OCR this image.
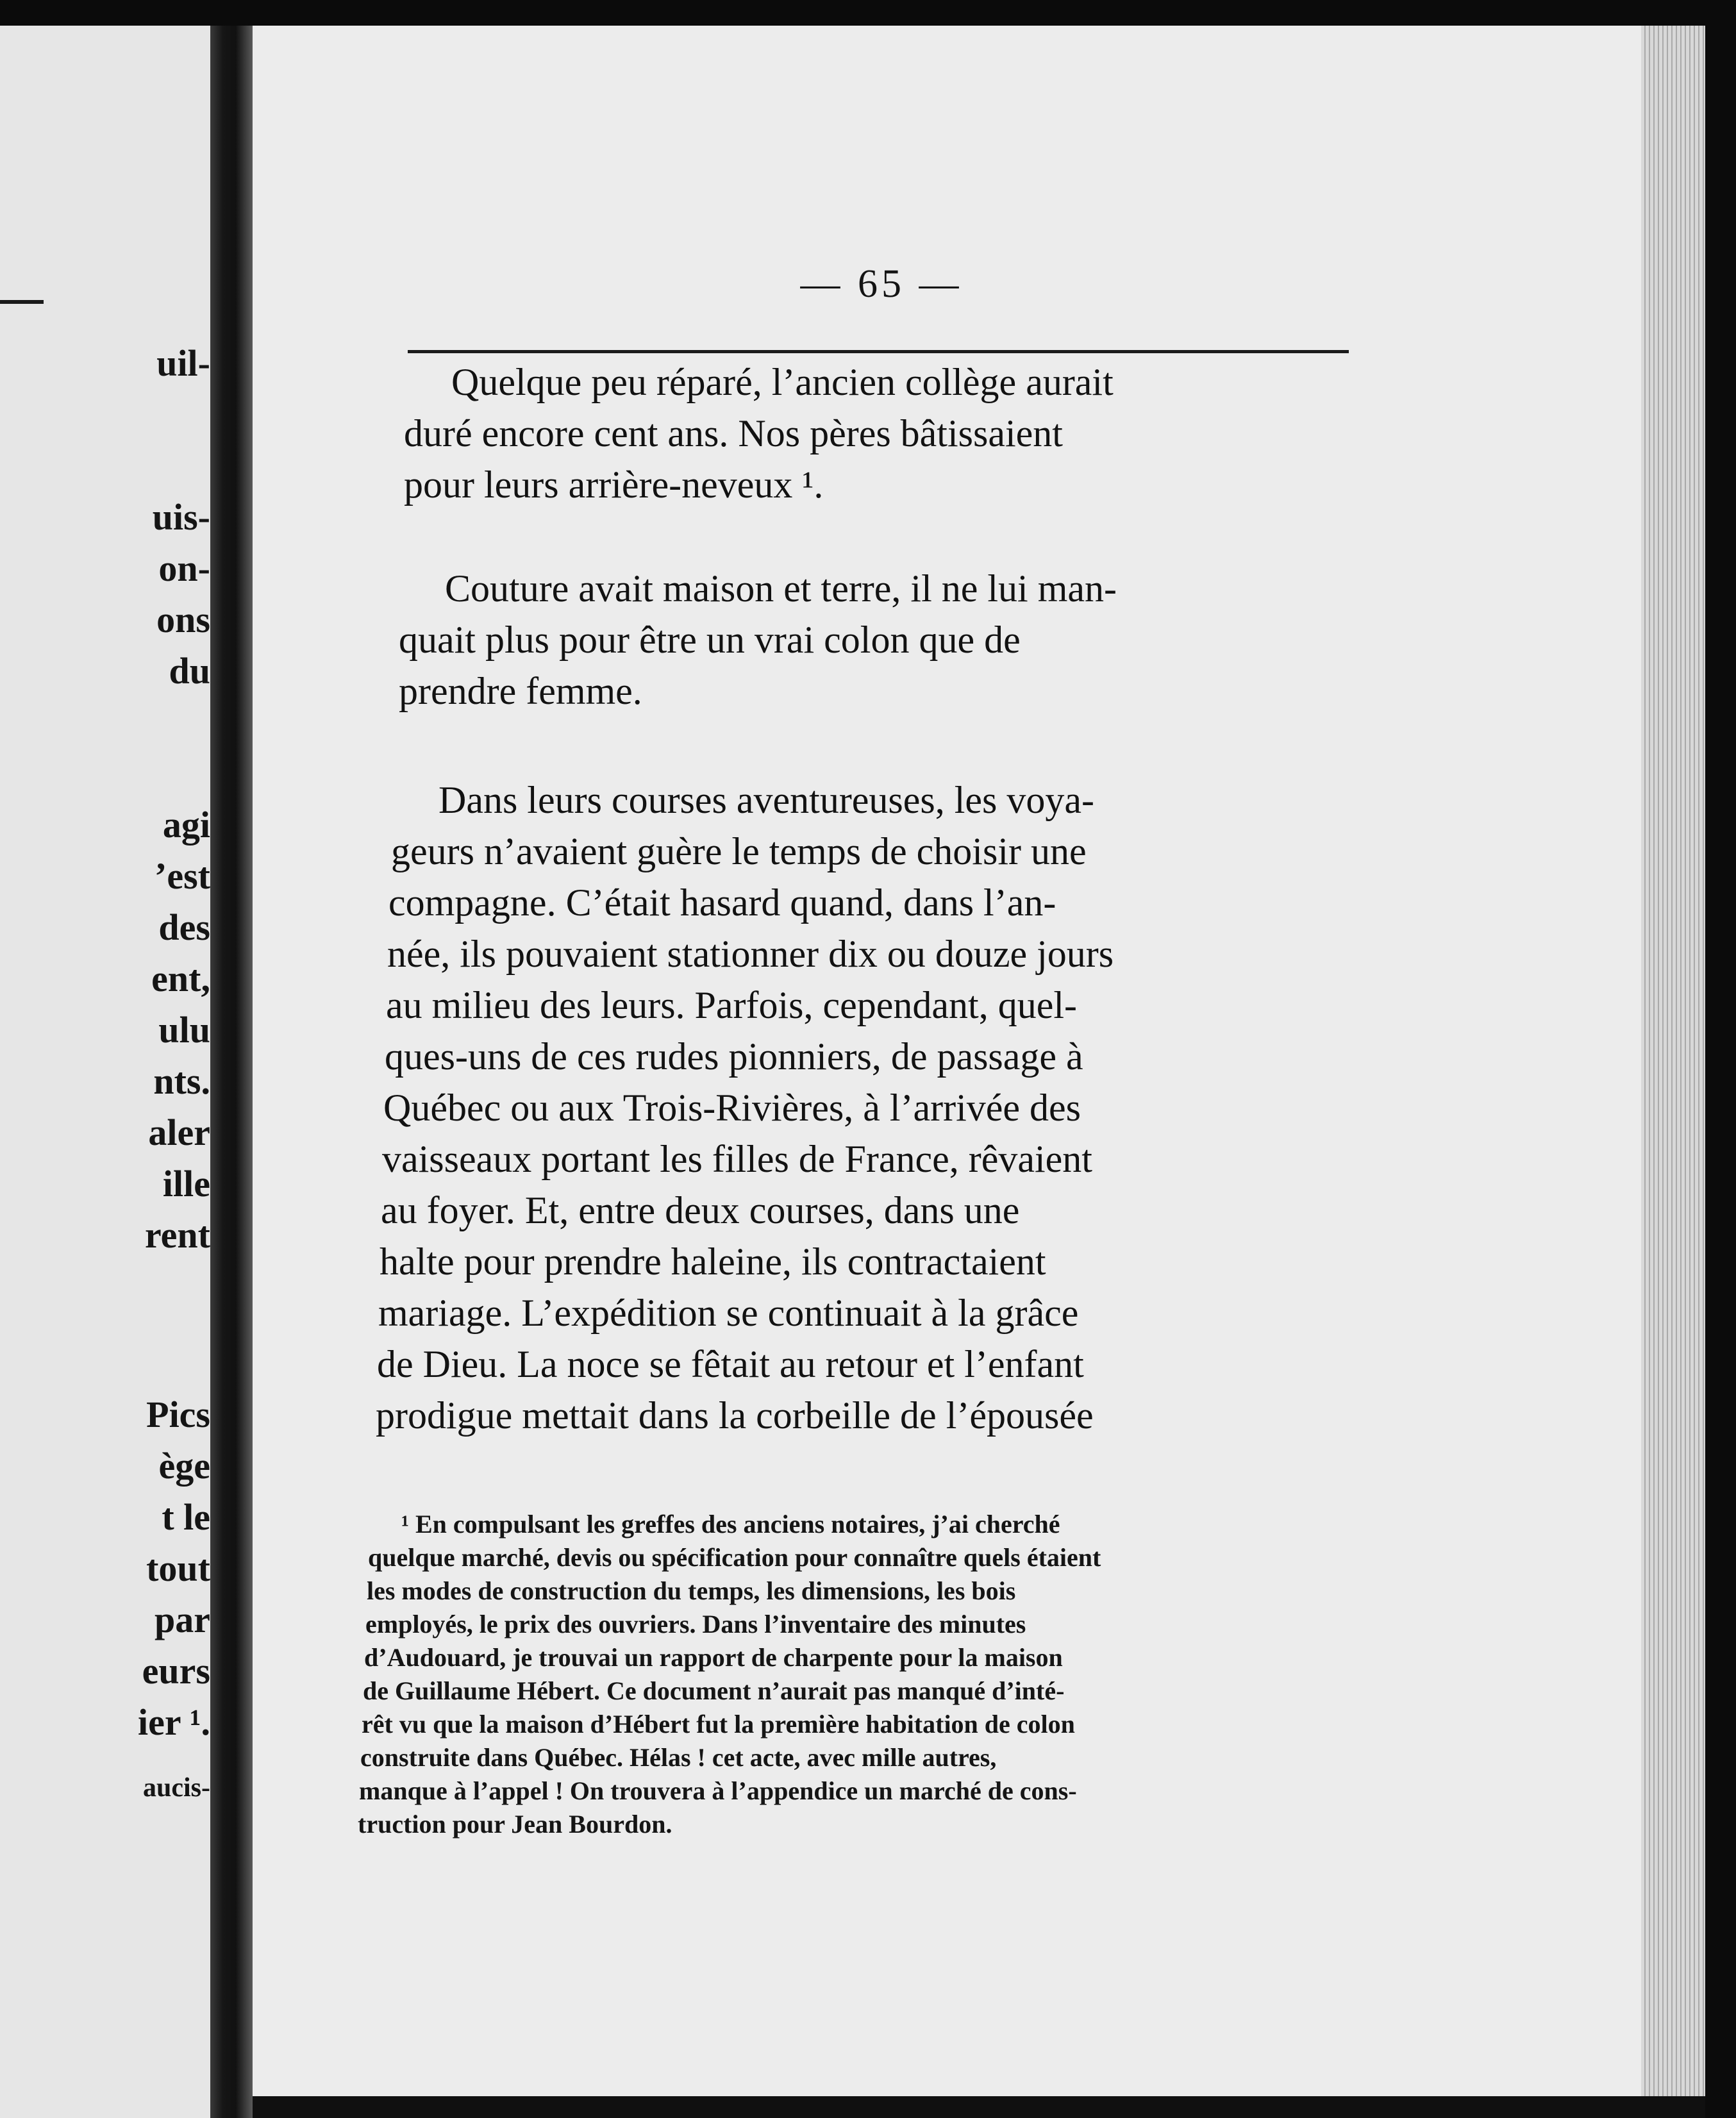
uil-

uis-

on-

ons

du

agi

’est

des

ent,

ulu

nts.

aler

ille

rent

Pics

ège

t le

tout

par

eurs

ier ¹.

aucis-

— 65 —

Quelque peu réparé, l’ancien collège aurait

duré encore cent ans. Nos pères bâtissaient

pour leurs arrière-neveux ¹.

Couture avait maison et terre, il ne lui man-

quait plus pour être un vrai colon que de

prendre femme.

Dans leurs courses aventureuses, les voya-

geurs n’avaient guère le temps de choisir une

compagne. C’était hasard quand, dans l’an-

née, ils pouvaient stationner dix ou douze jours

au milieu des leurs. Parfois, cependant, quel-

ques-uns de ces rudes pionniers, de passage à

Québec ou aux Trois-Rivières, à l’arrivée des

vaisseaux portant les filles de France, rêvaient

au foyer. Et, entre deux courses, dans une

halte pour prendre haleine, ils contractaient

mariage. L’expédition se continuait à la grâce

de Dieu. La noce se fêtait au retour et l’enfant

prodigue mettait dans la corbeille de l’épousée

¹ En compulsant les greffes des anciens notaires, j’ai cherché

quelque marché, devis ou spécification pour connaître quels étaient

les modes de construction du temps, les dimensions, les bois

employés, le prix des ouvriers. Dans l’inventaire des minutes

d’Audouard, je trouvai un rapport de charpente pour la maison

de Guillaume Hébert. Ce document n’aurait pas manqué d’inté-

rêt vu que la maison d’Hébert fut la première habitation de colon

construite dans Québec. Hélas ! cet acte, avec mille autres,

manque à l’appel ! On trouvera à l’appendice un marché de cons-

truction pour Jean Bourdon.
